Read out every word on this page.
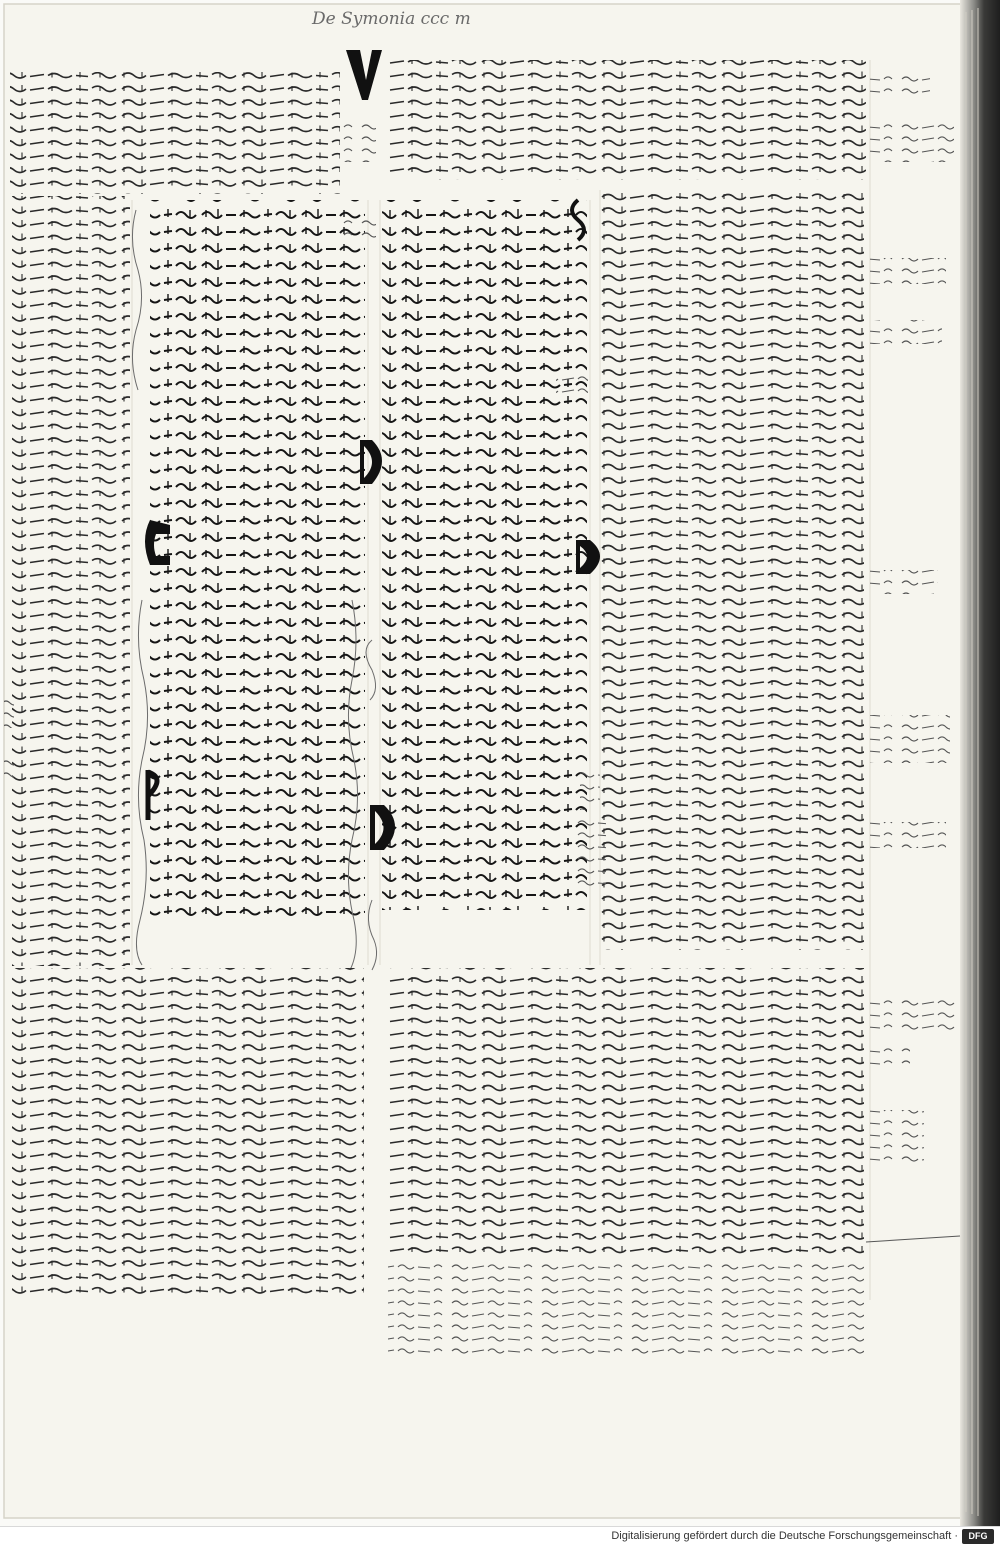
De Symonia ccc m
Digitalisierung gefördert durch die Deutsche Forschungsgemeinschaft ·	DFG
